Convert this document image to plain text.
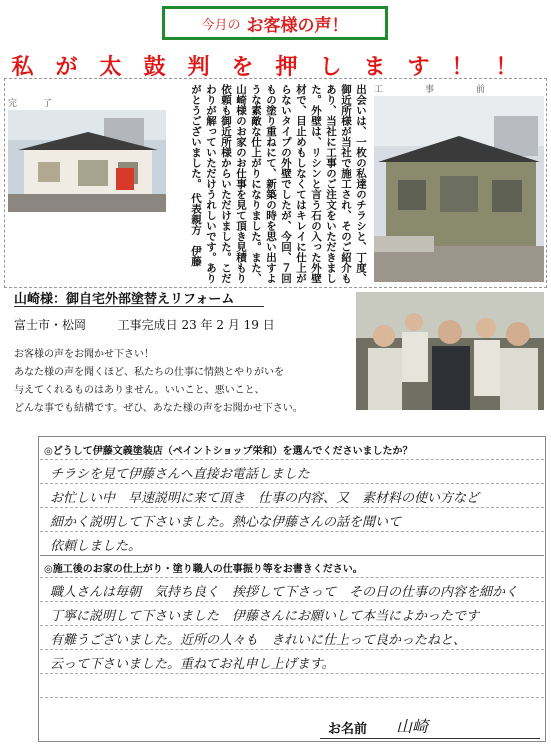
今月の お客様の声！
私が太鼓判を押します！！
完了
工事前
出会いは、一枚の私達のチラシと、丁度、御近所様が当社で施工され、そのご紹介もあり、当社に工事のご注文をいただきました。外壁は、リシンと言う石の入った外壁材で、目止めもしなくてはキレイに仕上がらないタイプの外壁でしたが、今回、７回もの塗り重ねにて、新築の時を思い出すような素敵な仕上がりになりました。また、山崎様のお家のお仕事を見て頂き見積もり依頼も御近所様からいただけました。こだわりが解っていただけうれしいです。ありがとうございました。 代表親方　伊藤
山崎様：御自宅外部塗替えリフォーム
富士市・松岡	工事完成日 23 年 2 月 19 日
お客様の声をお聞かせ下さい！
あなた様の声を聞くほど、私たちの仕事に情熱とやりがいを
与えてくれるものはありません。いいこと、悪いこと、
どんな事でも結構です。ぜひ、あなた様の声をお聞かせ下さい。
◎どうして伊藤文義塗装店（ペイントショップ栄和）を選んでくださいましたか？
チラシを見て伊藤さんへ直接お電話しました
お忙しい中　早速説明に来て頂き　仕事の内容、又　素材料の使い方など
細かく説明して下さいました。熱心な伊藤さんの話を聞いて
依頼しました。
◎施工後のお家の仕上がり・塗り職人の仕事振り等をお書きください。
職人さんは毎朝　気持ち良く　挨拶して下さって　その日の仕事の内容を細かく
丁寧に説明して下さいました　伊藤さんにお願いして本当によかったです
有難うございました。近所の人々も　きれいに仕上って良かったねと、
云って下さいました。重ねてお礼申し上げます。
お名前 山崎
